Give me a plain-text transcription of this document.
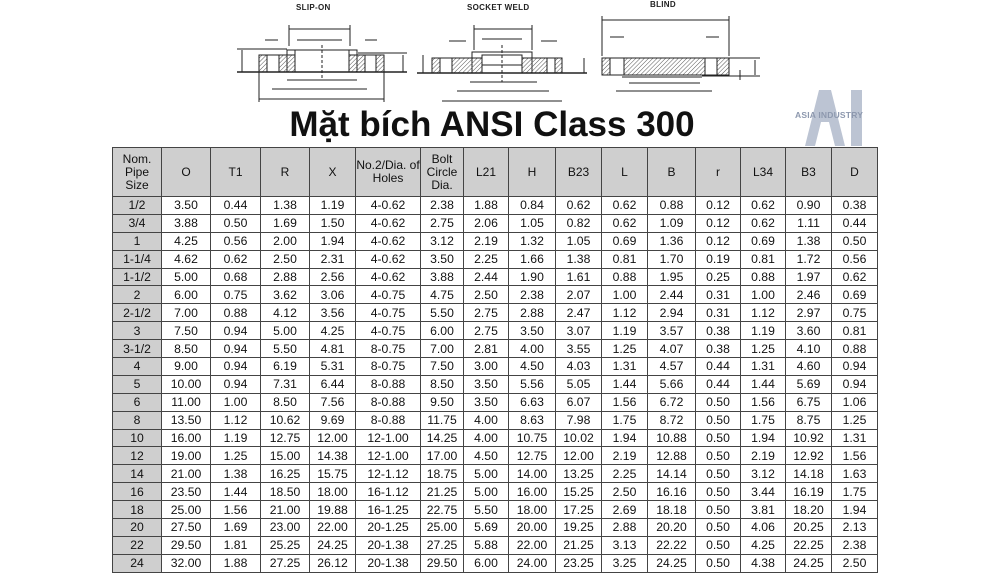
SLIP-ON	SOCKET WELD	BLIND
Mặt bích ANSI Class 300	ASIA INDUSTRY
Nom. Pipe Size	O	T1	R	X	No.2/Dia. of Holes	Bolt Circle Dia.	L21	H	B23	L	B	r	L34	B3	D
1/2	3.50	0.44	1.38	1.19	4-0.62	2.38	1.88	0.84	0.62	0.62	0.88	0.12	0.62	0.90	0.38
3/4	3.88	0.50	1.69	1.50	4-0.62	2.75	2.06	1.05	0.82	0.62	1.09	0.12	0.62	1.11	0.44
1	4.25	0.56	2.00	1.94	4-0.62	3.12	2.19	1.32	1.05	0.69	1.36	0.12	0.69	1.38	0.50
1-1/4	4.62	0.62	2.50	2.31	4-0.62	3.50	2.25	1.66	1.38	0.81	1.70	0.19	0.81	1.72	0.56
1-1/2	5.00	0.68	2.88	2.56	4-0.62	3.88	2.44	1.90	1.61	0.88	1.95	0.25	0.88	1.97	0.62
2	6.00	0.75	3.62	3.06	4-0.75	4.75	2.50	2.38	2.07	1.00	2.44	0.31	1.00	2.46	0.69
2-1/2	7.00	0.88	4.12	3.56	4-0.75	5.50	2.75	2.88	2.47	1.12	2.94	0.31	1.12	2.97	0.75
3	7.50	0.94	5.00	4.25	4-0.75	6.00	2.75	3.50	3.07	1.19	3.57	0.38	1.19	3.60	0.81
3-1/2	8.50	0.94	5.50	4.81	8-0.75	7.00	2.81	4.00	3.55	1.25	4.07	0.38	1.25	4.10	0.88
4	9.00	0.94	6.19	5.31	8-0.75	7.50	3.00	4.50	4.03	1.31	4.57	0.44	1.31	4.60	0.94
5	10.00	0.94	7.31	6.44	8-0.88	8.50	3.50	5.56	5.05	1.44	5.66	0.44	1.44	5.69	0.94
6	11.00	1.00	8.50	7.56	8-0.88	9.50	3.50	6.63	6.07	1.56	6.72	0.50	1.56	6.75	1.06
8	13.50	1.12	10.62	9.69	8-0.88	11.75	4.00	8.63	7.98	1.75	8.72	0.50	1.75	8.75	1.25
10	16.00	1.19	12.75	12.00	12-1.00	14.25	4.00	10.75	10.02	1.94	10.88	0.50	1.94	10.92	1.31
12	19.00	1.25	15.00	14.38	12-1.00	17.00	4.50	12.75	12.00	2.19	12.88	0.50	2.19	12.92	1.56
14	21.00	1.38	16.25	15.75	12-1.12	18.75	5.00	14.00	13.25	2.25	14.14	0.50	3.12	14.18	1.63
16	23.50	1.44	18.50	18.00	16-1.12	21.25	5.00	16.00	15.25	2.50	16.16	0.50	3.44	16.19	1.75
18	25.00	1.56	21.00	19.88	16-1.25	22.75	5.50	18.00	17.25	2.69	18.18	0.50	3.81	18.20	1.94
20	27.50	1.69	23.00	22.00	20-1.25	25.00	5.69	20.00	19.25	2.88	20.20	0.50	4.06	20.25	2.13
22	29.50	1.81	25.25	24.25	20-1.38	27.25	5.88	22.00	21.25	3.13	22.22	0.50	4.25	22.25	2.38
24	32.00	1.88	27.25	26.12	20-1.38	29.50	6.00	24.00	23.25	3.25	24.25	0.50	4.38	24.25	2.50
